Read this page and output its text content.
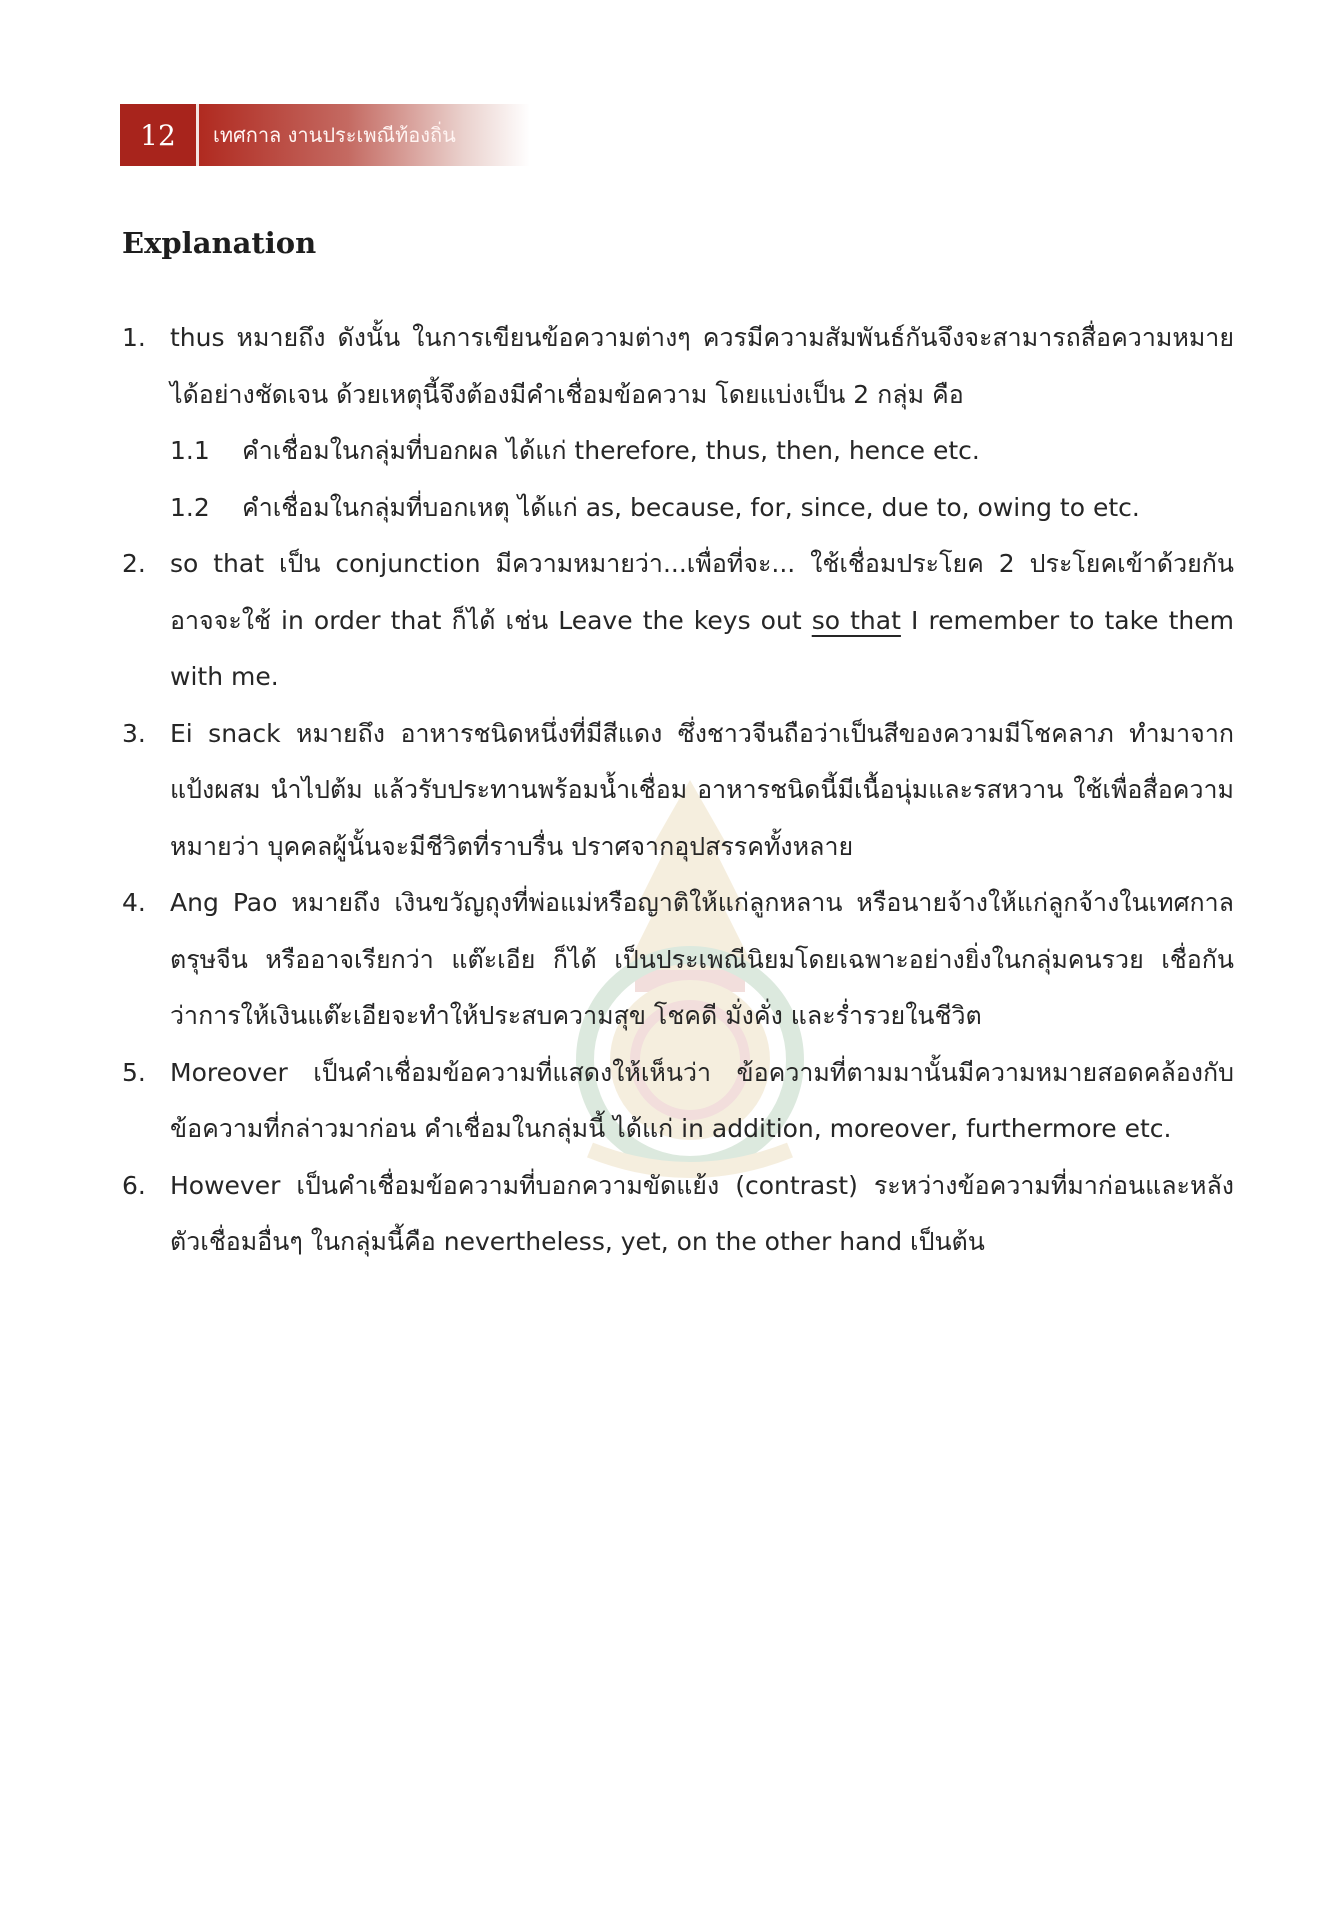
12	เทศกาล งานประเพณีท้องถิ่น
Explanation
1. thus หมายถึง ดังนั้น ในการเขียนข้อความต่างๆ ควรมีความสัมพันธ์กันจึงจะสามารถสื่อความหมายได้อย่างชัดเจน ด้วยเหตุนี้จึงต้องมีคำเชื่อมข้อความ โดยแบ่งเป็น 2 กลุ่ม คือ
1.1 คำเชื่อมในกลุ่มที่บอกผล ได้แก่ therefore, thus, then, hence etc.
1.2 คำเชื่อมในกลุ่มที่บอกเหตุ ได้แก่ as, because, for, since, due to, owing to etc.
2. so that เป็น conjunction มีความหมายว่า...เพื่อที่จะ... ใช้เชื่อมประโยค 2 ประโยคเข้าด้วยกัน อาจจะใช้ in order that ก็ได้ เช่น Leave the keys out so that I remember to take them with me.
3. Ei snack หมายถึง อาหารชนิดหนึ่งที่มีสีแดง ซึ่งชาวจีนถือว่าเป็นสีของความมีโชคลาภ ทำมาจากแป้งผสม นำไปต้ม แล้วรับประทานพร้อมน้ำเชื่อม อาหารชนิดนี้มีเนื้อนุ่มและรสหวาน ใช้เพื่อสื่อความหมายว่า บุคคลผู้นั้นจะมีชีวิตที่ราบรื่น ปราศจากอุปสรรคทั้งหลาย
4. Ang Pao หมายถึง เงินขวัญถุงที่พ่อแม่หรือญาติให้แก่ลูกหลาน หรือนายจ้างให้แก่ลูกจ้างในเทศกาลตรุษจีน หรืออาจเรียกว่า แต๊ะเอีย ก็ได้ เป็นประเพณีนิยมโดยเฉพาะอย่างยิ่งในกลุ่มคนรวย เชื่อกันว่าการให้เงินแต๊ะเอียจะทำให้ประสบความสุข โชคดี มั่งคั่ง และร่ำรวยในชีวิต
5. Moreover เป็นคำเชื่อมข้อความที่แสดงให้เห็นว่า ข้อความที่ตามมานั้นมีความหมายสอดคล้องกับข้อความที่กล่าวมาก่อน คำเชื่อมในกลุ่มนี้ ได้แก่ in addition, moreover, furthermore etc.
6. However เป็นคำเชื่อมข้อความที่บอกความขัดแย้ง (contrast) ระหว่างข้อความที่มาก่อนและหลัง ตัวเชื่อมอื่นๆ ในกลุ่มนี้คือ nevertheless, yet, on the other hand เป็นต้น
